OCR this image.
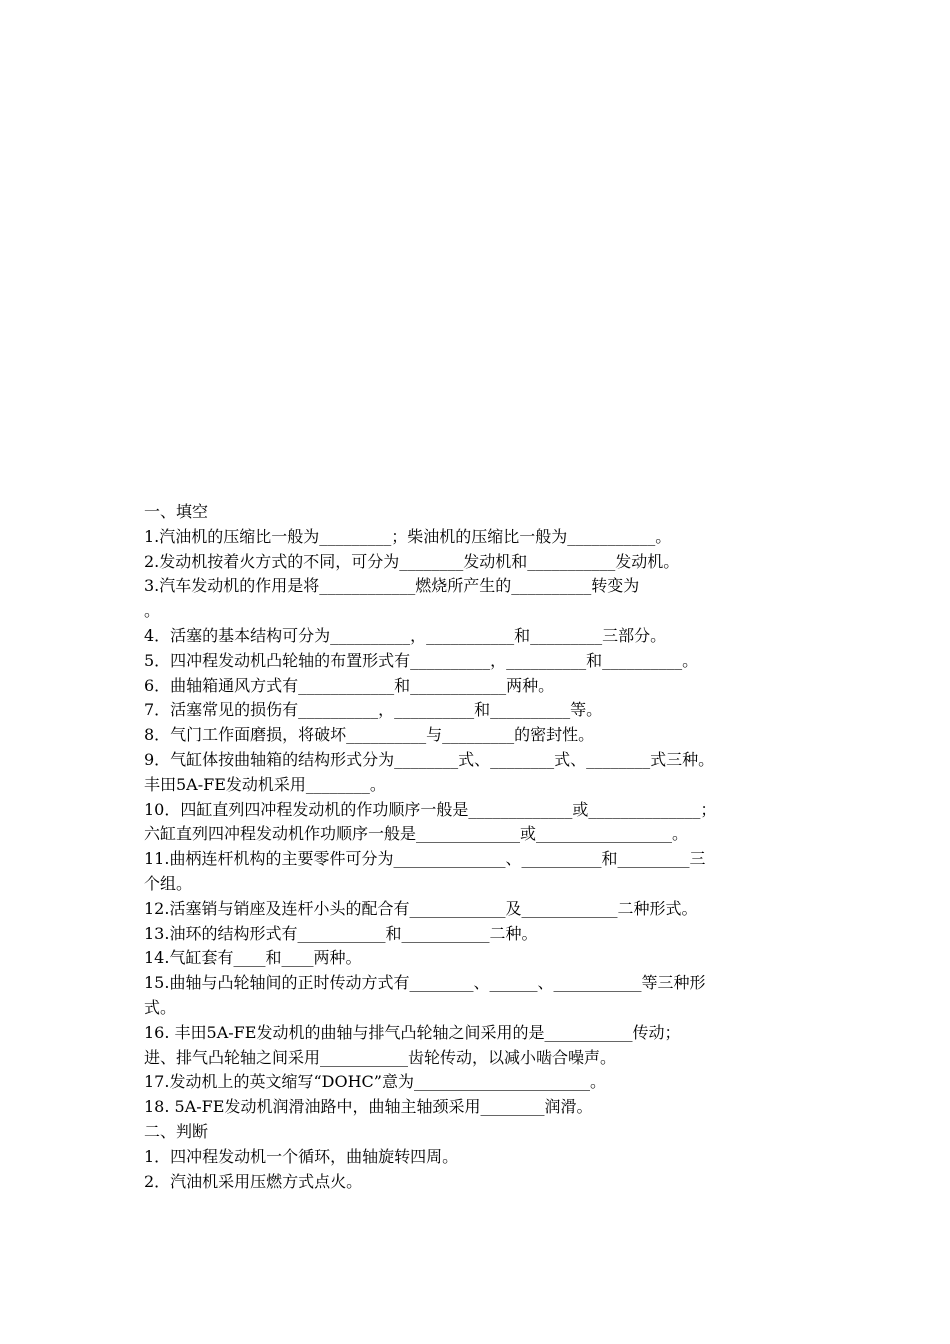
一、填空
1.汽油机的压缩比一般为_________；柴油机的压缩比一般为___________。
2.发动机按着火方式的不同，可分为________发动机和___________发动机。
3.汽车发动机的作用是将____________燃烧所产生的__________转变为
。
4．活塞的基本结构可分为__________，___________和_________三部分。
5．四冲程发动机凸轮轴的布置形式有__________，__________和__________。
6．曲轴箱通风方式有____________和____________两种。
7．活塞常见的损伤有__________，__________和__________等。
8．气门工作面磨损，将破坏__________与_________的密封性。
9．气缸体按曲轴箱的结构形式分为________式、________式、________式三种。
丰田5A-FE发动机采用________。
10．四缸直列四冲程发动机的作功顺序一般是_____________或______________；
六缸直列四冲程发动机作功顺序一般是_____________或_________________。
11.曲柄连杆机构的主要零件可分为______________、__________和_________三
个组。
12.活塞销与销座及连杆小头的配合有____________及____________二种形式。
13.油环的结构形式有___________和___________二种。
14.气缸套有____和____两种。
15.曲轴与凸轮轴间的正时传动方式有________、______、___________等三种形
式。
16. 丰田5A-FE发动机的曲轴与排气凸轮轴之间采用的是___________传动；
进、排气凸轮轴之间采用___________齿轮传动，以减小啮合噪声。
17.发动机上的英文缩写“DOHC”意为______________________。
18. 5A-FE发动机润滑油路中，曲轴主轴颈采用________润滑。
二、判断
1．四冲程发动机一个循环，曲轴旋转四周。
2．汽油机采用压燃方式点火。
